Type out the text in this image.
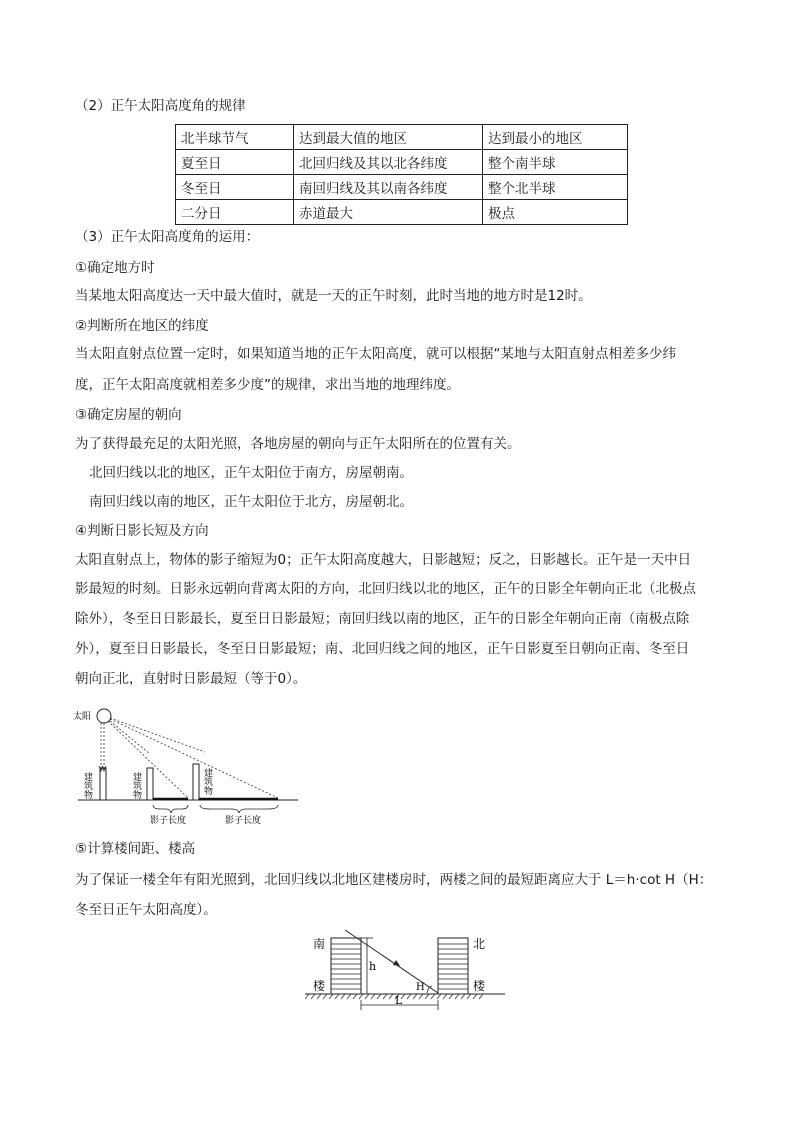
（2）正午太阳高度角的规律
北半球节气	达到最大值的地区	达到最小的地区
夏至日	北回归线及其以北各纬度	整个南半球
冬至日	南回归线及其以南各纬度	整个北半球
二分日	赤道最大	极点
（3）正午太阳高度角的运用：
①确定地方时
当某地太阳高度达一天中最大值时，就是一天的正午时刻，此时当地的地方时是12时。
②判断所在地区的纬度
当太阳直射点位置一定时，如果知道当地的正午太阳高度，就可以根据“某地与太阳直射点相差多少纬
度，正午太阳高度就相差多少度”的规律，求出当地的地理纬度。
③确定房屋的朝向
为了获得最充足的太阳光照，各地房屋的朝向与正午太阳所在的位置有关。
北回归线以北的地区，正午太阳位于南方，房屋朝南。
南回归线以南的地区，正午太阳位于北方，房屋朝北。
④判断日影长短及方向
太阳直射点上，物体的影子缩短为0；正午太阳高度越大，日影越短；反之，日影越长。正午是一天中日
影最短的时刻。日影永远朝向背离太阳的方向，北回归线以北的地区，正午的日影全年朝向正北（北极点
除外），冬至日日影最长，夏至日日影最短；南回归线以南的地区，正午的日影全年朝向正南（南极点除
外），夏至日日影最长，冬至日日影最短；南、北回归线之间的地区，正午日影夏至日朝向正南、冬至日
朝向正北，直射时日影最短（等于0）。
太阳
建筑物	建筑物	建筑物
影子长度	影子长度
⑤计算楼间距、楼高
为了保证一楼全年有阳光照到，北回归线以北地区建楼房时，两楼之间的最短距离应大于 L＝h·cot H（H：
冬至日正午太阳高度）。
h
H
L
南
楼
北
楼
